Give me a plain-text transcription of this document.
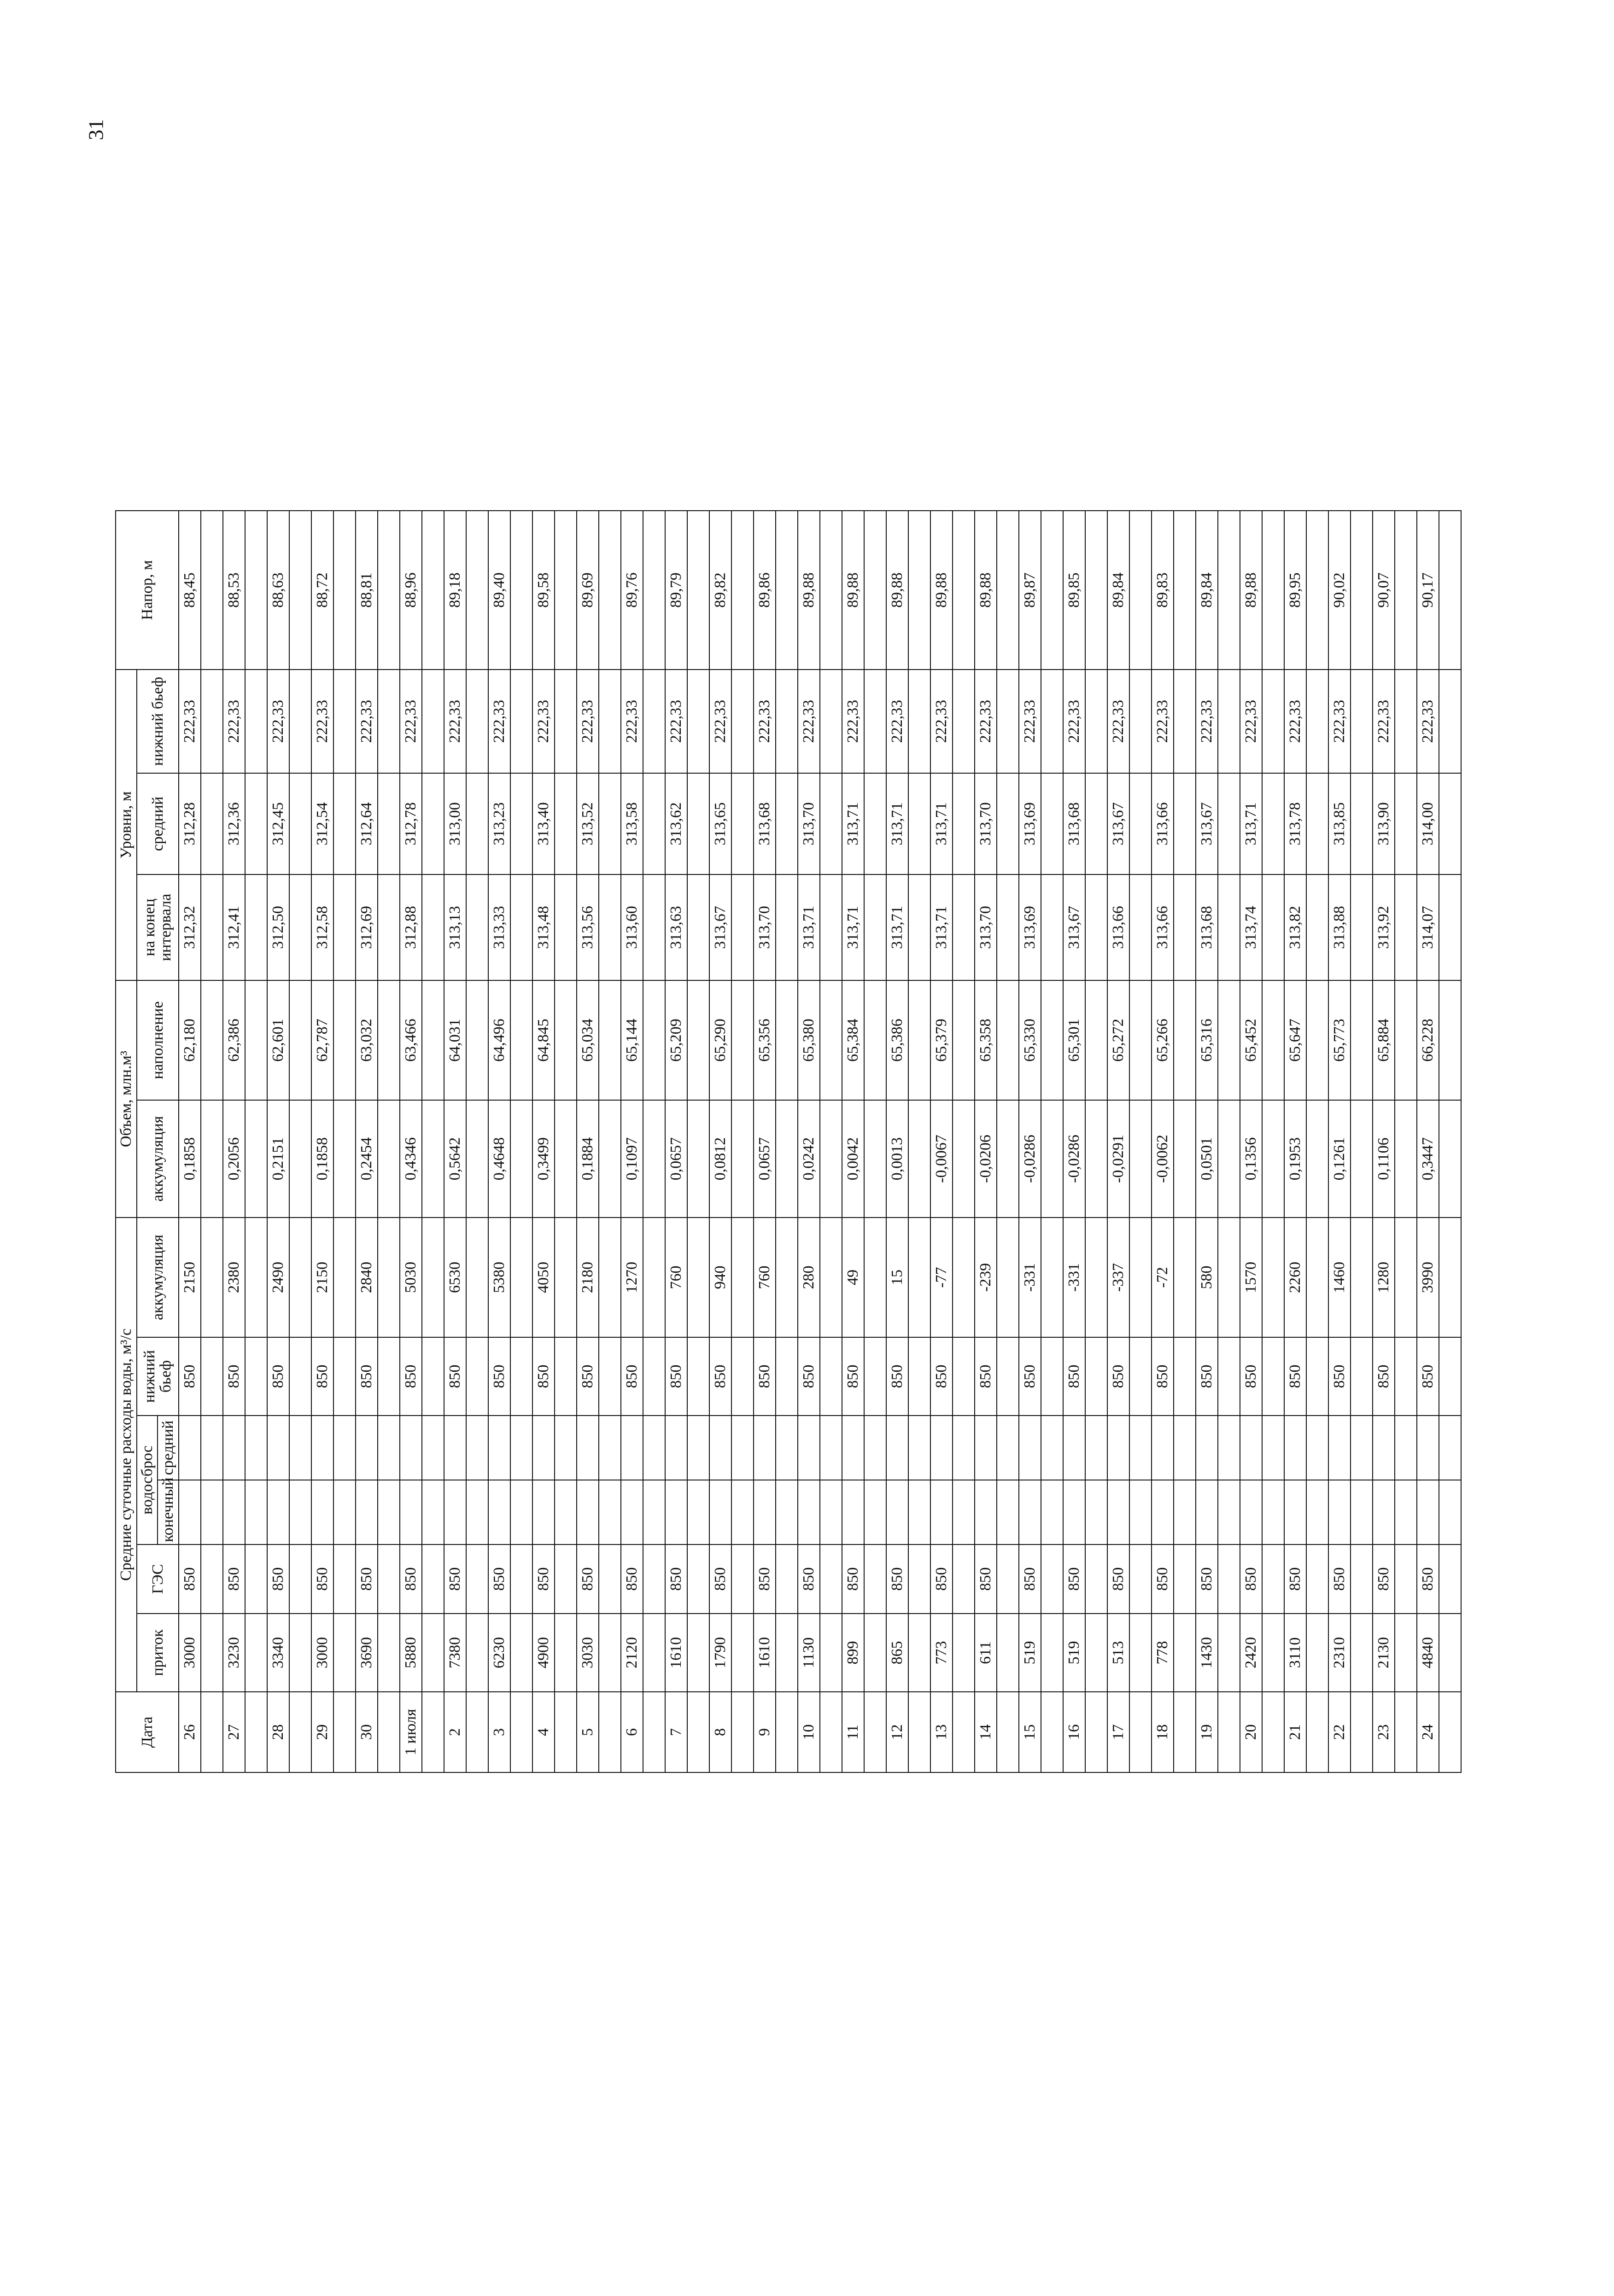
31
Дата	Средние суточные расходы воды, м³/с						Объем, млн.м³		Уровни, м			Напор, м
	приток	ГЭС	водосброс		нижний бьеф	аккумуляция	аккумуляция	наполнение	на конец интервала	средний	нижний бьеф	
			конечный	средний								
26	3000	850			850	2150	0,1858	62,180	312,32	312,28	222,33	88,45

27	3230	850			850	2380	0,2056	62,386	312,41	312,36	222,33	88,53

28	3340	850			850	2490	0,2151	62,601	312,50	312,45	222,33	88,63

29	3000	850			850	2150	0,1858	62,787	312,58	312,54	222,33	88,72

30	3690	850			850	2840	0,2454	63,032	312,69	312,64	222,33	88,81

1 июля	5880	850			850	5030	0,4346	63,466	312,88	312,78	222,33	88,96

2	7380	850			850	6530	0,5642	64,031	313,13	313,00	222,33	89,18

3	6230	850			850	5380	0,4648	64,496	313,33	313,23	222,33	89,40

4	4900	850			850	4050	0,3499	64,845	313,48	313,40	222,33	89,58

5	3030	850			850	2180	0,1884	65,034	313,56	313,52	222,33	89,69

6	2120	850			850	1270	0,1097	65,144	313,60	313,58	222,33	89,76

7	1610	850			850	760	0,0657	65,209	313,63	313,62	222,33	89,79

8	1790	850			850	940	0,0812	65,290	313,67	313,65	222,33	89,82

9	1610	850			850	760	0,0657	65,356	313,70	313,68	222,33	89,86

10	1130	850			850	280	0,0242	65,380	313,71	313,70	222,33	89,88

11	899	850			850	49	0,0042	65,384	313,71	313,71	222,33	89,88

12	865	850			850	15	0,0013	65,386	313,71	313,71	222,33	89,88

13	773	850			850	-77	-0,0067	65,379	313,71	313,71	222,33	89,88

14	611	850			850	-239	-0,0206	65,358	313,70	313,70	222,33	89,88

15	519	850			850	-331	-0,0286	65,330	313,69	313,69	222,33	89,87

16	519	850			850	-331	-0,0286	65,301	313,67	313,68	222,33	89,85

17	513	850			850	-337	-0,0291	65,272	313,66	313,67	222,33	89,84

18	778	850			850	-72	-0,0062	65,266	313,66	313,66	222,33	89,83

19	1430	850			850	580	0,0501	65,316	313,68	313,67	222,33	89,84

20	2420	850			850	1570	0,1356	65,452	313,74	313,71	222,33	89,88

21	3110	850			850	2260	0,1953	65,647	313,82	313,78	222,33	89,95

22	2310	850			850	1460	0,1261	65,773	313,88	313,85	222,33	90,02

23	2130	850			850	1280	0,1106	65,884	313,92	313,90	222,33	90,07

24	4840	850			850	3990	0,3447	66,228	314,07	314,00	222,33	90,17
